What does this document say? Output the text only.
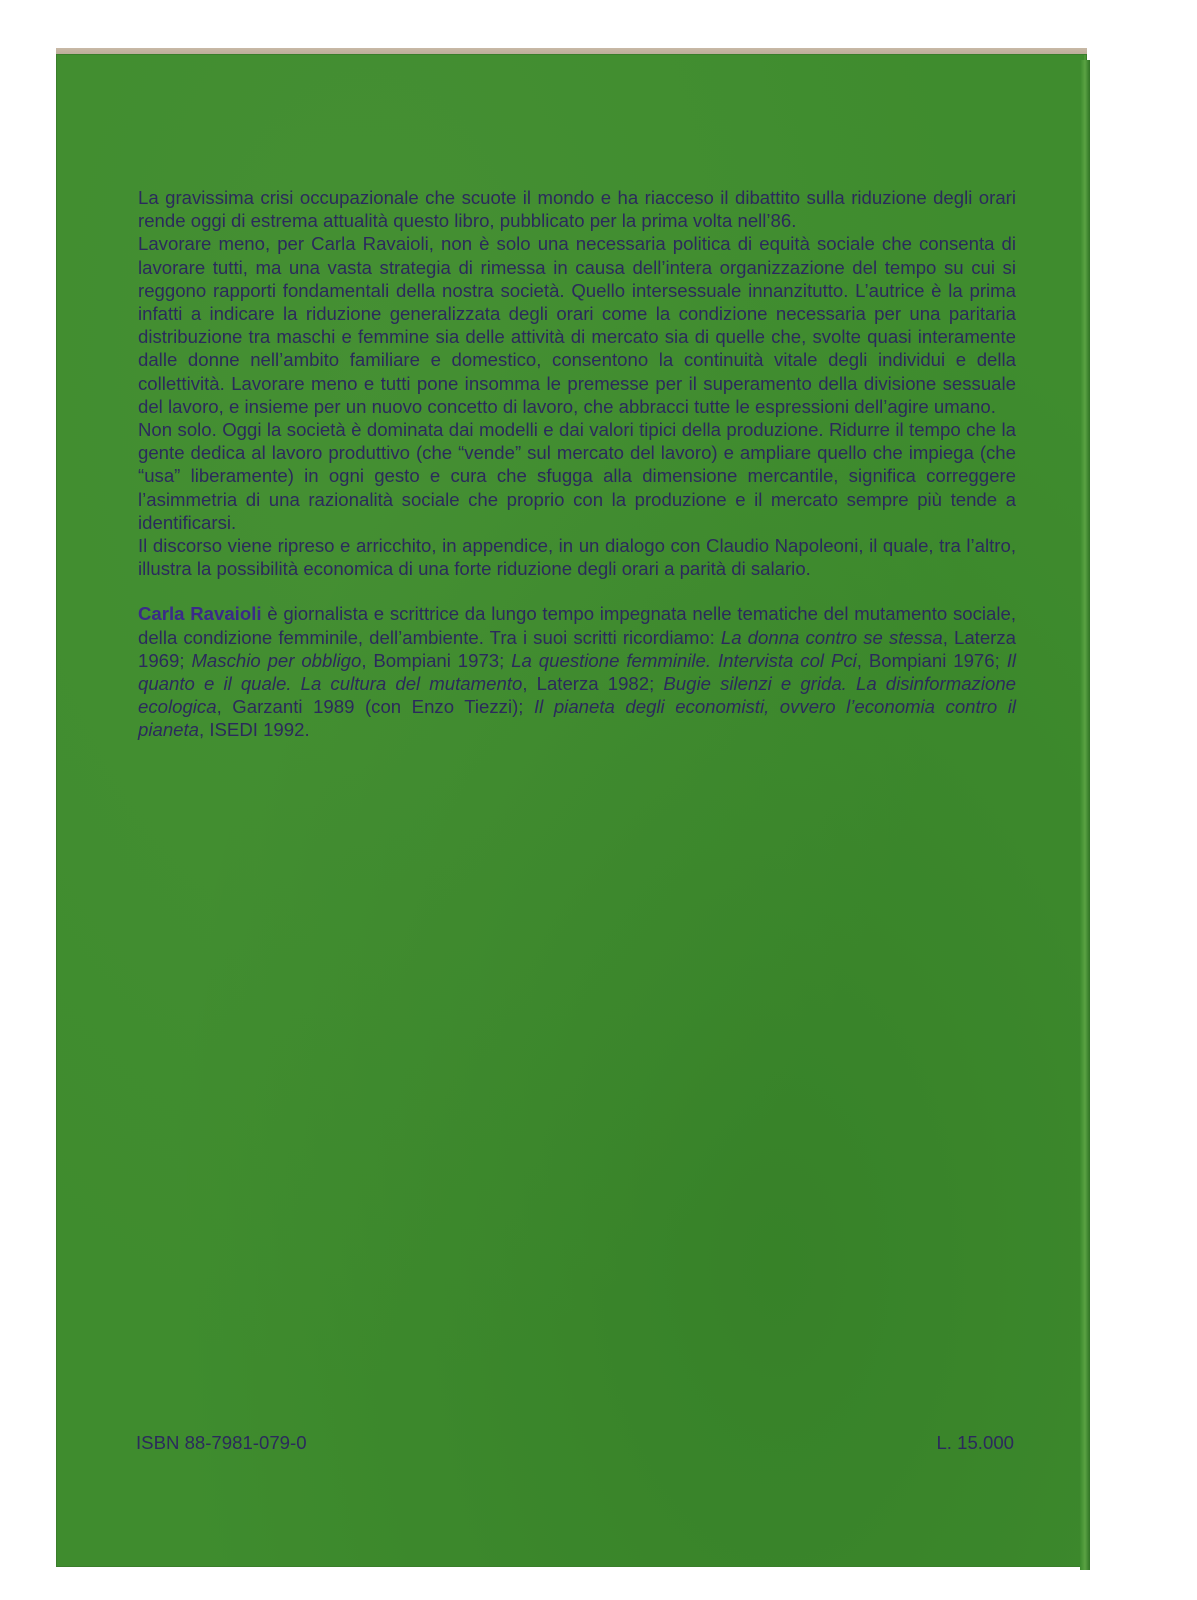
La gravissima crisi occupazionale che scuote il mondo e ha riacceso il dibattito sulla riduzione degli orari rende oggi di estrema attualità questo libro, pubblicato per la prima volta nell’86.

Lavorare meno, per Carla Ravaioli, non è solo una necessaria politica di equità sociale che consenta di lavorare tutti, ma una vasta strategia di rimessa in causa dell’intera organizzazione del tempo su cui si reggono rapporti fondamentali della nostra società. Quello intersessuale innanzitutto. L’autrice è la prima infatti a indicare la riduzione generalizzata degli orari come la condizione necessaria per una paritaria distribuzione tra maschi e femmine sia delle attività di mercato sia di quelle che, svolte quasi interamente dalle donne nell’ambito familiare e domestico, consentono la continuità vitale degli individui e della collettività. Lavorare meno e tutti pone insomma le premesse per il superamento della divisione sessuale del lavoro, e insieme per un nuovo concetto di lavoro, che abbracci tutte le espressioni dell’agire umano.

Non solo. Oggi la società è dominata dai modelli e dai valori tipici della produzione. Ridurre il tempo che la gente dedica al lavoro produttivo (che “vende” sul mercato del lavoro) e ampliare quello che impiega (che “usa” liberamente) in ogni gesto e cura che sfugga alla dimensione mercantile, significa correggere l’asimmetria di una razionalità sociale che proprio con la produzione e il mercato sempre più tende a identificarsi.

Il discorso viene ripreso e arricchito, in appendice, in un dialogo con Claudio Napoleoni, il quale, tra l’altro, illustra la possibilità economica di una forte riduzione degli orari a parità di salario.

Carla Ravaioli è giornalista e scrittrice da lungo tempo impegnata nelle tematiche del mutamento sociale, della condizione femminile, dell’ambiente. Tra i suoi scritti ricordiamo: La donna contro se stessa, Laterza 1969; Maschio per obbligo, Bompiani 1973; La questione femminile. Intervista col Pci, Bompiani 1976; Il quanto e il quale. La cultura del mutamento, Laterza 1982; Bugie silenzi e grida. La disinformazione ecologica, Garzanti 1989 (con Enzo Tiezzi); Il pianeta degli economisti, ovvero l’economia contro il pianeta, ISEDI 1992.

ISBN 88-7981-079-0	L. 15.000
